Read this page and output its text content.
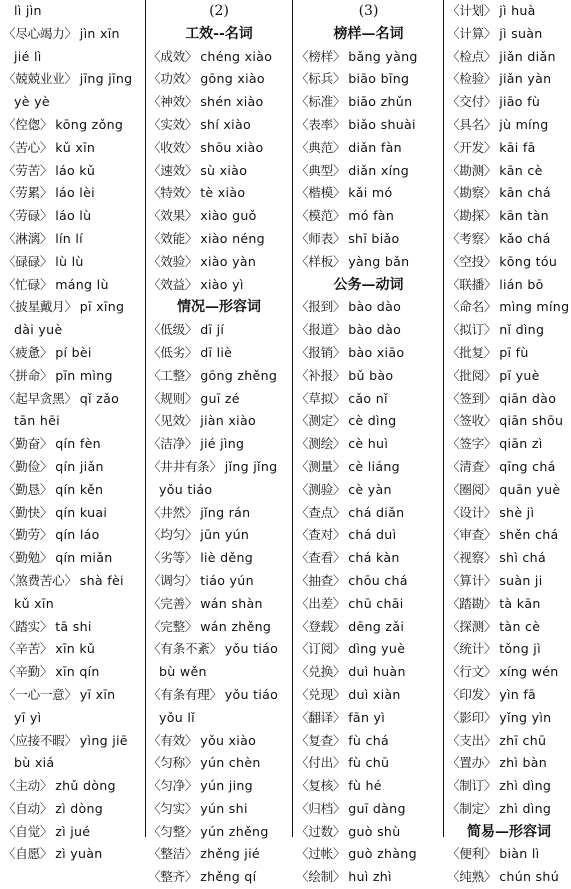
lì jìn
〈尽心竭力〉 jìn xīn
jié lì
〈兢兢业业〉 jīng jīng
yè yè
〈倥偬〉 kōng zǒng
〈苦心〉 kǔ xīn
〈劳苦〉 láo kǔ
〈劳累〉 láo lèi
〈劳碌〉 láo lù
〈淋漓〉 lín lí
〈碌碌〉 lù lù
〈忙碌〉 máng lù
〈披星戴月〉 pī xīng
dài yuè
〈疲惫〉 pí bèi
〈拼命〉 pīn mìng
〈起早贪黑〉 qǐ zǎo
tān hēi
〈勤奋〉 qín fèn
〈勤俭〉 qín jiǎn
〈勤恳〉 qín kěn
〈勤快〉 qín kuai
〈勤劳〉 qín láo
〈勤勉〉 qín miǎn
〈煞费苦心〉 shà fèi
kǔ xīn
〈踏实〉 tā shi
〈辛苦〉 xīn kǔ
〈辛勤〉 xīn qín
〈一心一意〉 yī xīn
yī yì
〈应接不暇〉 yìng jiē
bù xiá
〈主动〉 zhǔ dòng
〈自动〉 zì dòng
〈自觉〉 zì jué
〈自愿〉 zì yuàn
(2)
工效--名词
〈成效〉 chéng xiào
〈功效〉 gōng xiào
〈神效〉 shén xiào
〈实效〉 shí xiào
〈收效〉 shōu xiào
〈速效〉 sù xiào
〈特效〉 tè xiào
〈效果〉 xiào guǒ
〈效能〉 xiào néng
〈效验〉 xiào yàn
〈效益〉 xiào yì
情况—形容词
〈低级〉 dī jí
〈低劣〉 dī liè
〈工整〉 gōng zhěng
〈规则〉 guī zé
〈见效〉 jiàn xiào
〈洁净〉 jié jìng
〈井井有条〉 jǐng jǐng
yǒu tiáo
〈井然〉 jǐng rán
〈均匀〉 jūn yún
〈劣等〉 liè děng
〈调匀〉 tiáo yún
〈完善〉 wán shàn
〈完整〉 wán zhěng
〈有条不紊〉 yǒu tiáo
bù wěn
〈有条有理〉 yǒu tiáo
yǒu lǐ
〈有效〉 yǒu xiào
〈匀称〉 yún chèn
〈匀净〉 yún jing
〈匀实〉 yún shi
〈匀整〉 yún zhěng
〈整洁〉 zhěng jié
〈整齐〉 zhěng qí
(3)
榜样—名词
〈榜样〉 bǎng yàng
〈标兵〉 biāo bīng
〈标准〉 biāo zhǔn
〈表率〉 biǎo shuài
〈典范〉 diǎn fàn
〈典型〉 diǎn xíng
〈楷模〉 kǎi mó
〈模范〉 mó fàn
〈师表〉 shī biǎo
〈样板〉 yàng bǎn
公务—动词
〈报到〉 bào dào
〈报道〉 bào dào
〈报销〉 bào xiāo
〈补报〉 bǔ bào
〈草拟〉 cǎo nǐ
〈测定〉 cè dìng
〈测绘〉 cè huì
〈测量〉 cè liáng
〈测验〉 cè yàn
〈查点〉 chá diǎn
〈查对〉 chá duì
〈查看〉 chá kàn
〈抽查〉 chōu chá
〈出差〉 chū chāi
〈登载〉 dēng zǎi
〈订阅〉 dìng yuè
〈兑换〉 duì huàn
〈兑现〉 duì xiàn
〈翻译〉 fān yì
〈复查〉 fù chá
〈付出〉 fù chū
〈复核〉 fù hé
〈归档〉 guī dàng
〈过数〉 guò shù
〈过帐〉 guò zhàng
〈绘制〉 huì zhì
〈计划〉 jì huà
〈计算〉 jì suàn
〈检点〉 jiǎn diǎn
〈检验〉 jiǎn yàn
〈交付〉 jiāo fù
〈具名〉 jù míng
〈开发〉 kāi fā
〈勘测〉 kān cè
〈勘察〉 kān chá
〈勘探〉 kān tàn
〈考察〉 kǎo chá
〈空投〉 kōng tóu
〈联播〉 lián bō
〈命名〉 mìng míng
〈拟订〉 nǐ dìng
〈批复〉 pī fù
〈批阅〉 pī yuè
〈签到〉 qiān dào
〈签收〉 qiān shōu
〈签字〉 qiān zì
〈清查〉 qīng chá
〈圈阅〉 quān yuè
〈设计〉 shè jì
〈审查〉 shěn chá
〈视察〉 shì chá
〈算计〉 suàn ji
〈踏勘〉 tà kān
〈探测〉 tàn cè
〈统计〉 tǒng jì
〈行文〉 xíng wén
〈印发〉 yìn fā
〈影印〉 yǐng yìn
〈支出〉 zhī chū
〈置办〉 zhì bàn
〈制订〉 zhì dìng
〈制定〉 zhì dìng
简易—形容词
〈便利〉 biàn lì
〈纯熟〉 chún shú
